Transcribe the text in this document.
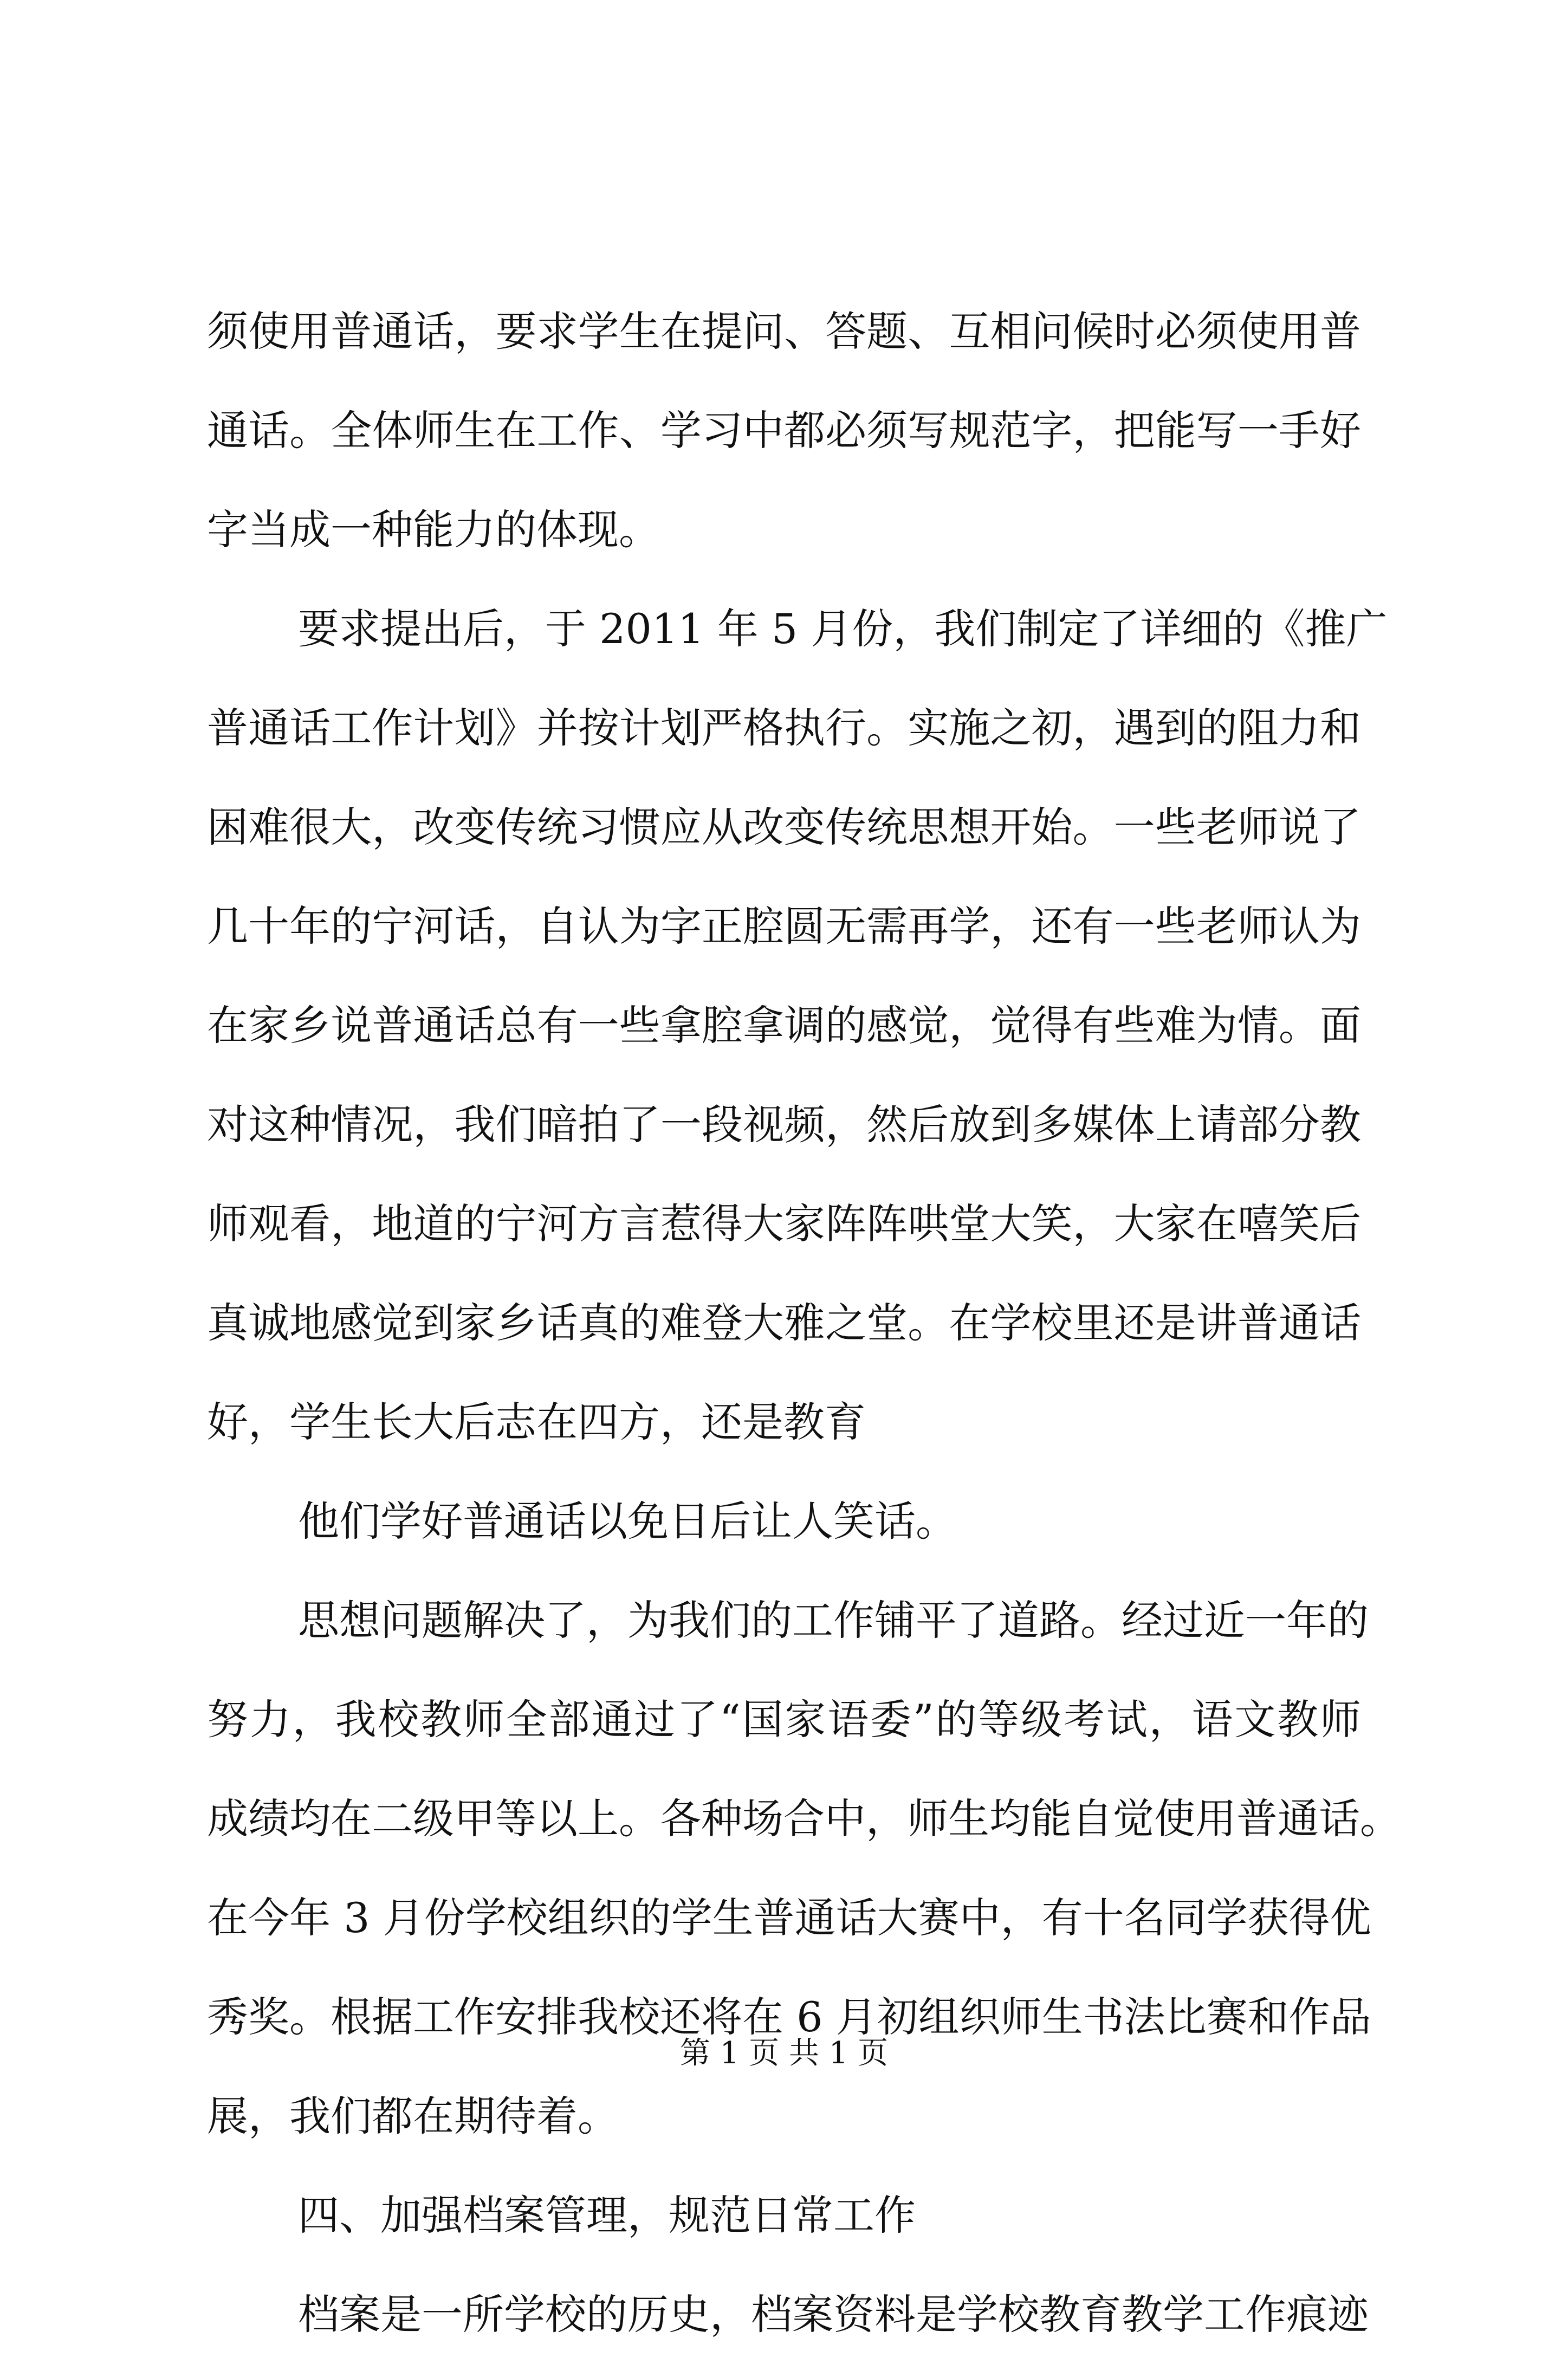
须使用普通话，要求学生在提问、答题、互相问候时必须使用普
通话。全体师生在工作、学习中都必须写规范字，把能写一手好
字当成一种能力的体现。
要求提出后，于 2011 年 5 月份，我们制定了详细的《推广
普通话工作计划》并按计划严格执行。实施之初，遇到的阻力和
困难很大，改变传统习惯应从改变传统思想开始。一些老师说了
几十年的宁河话，自认为字正腔圆无需再学，还有一些老师认为
在家乡说普通话总有一些拿腔拿调的感觉，觉得有些难为情。面
对这种情况，我们暗拍了一段视频，然后放到多媒体上请部分教
师观看，地道的宁河方言惹得大家阵阵哄堂大笑，大家在嘻笑后
真诚地感觉到家乡话真的难登大雅之堂。在学校里还是讲普通话
好，学生长大后志在四方，还是教育
他们学好普通话以免日后让人笑话。
思想问题解决了，为我们的工作铺平了道路。经过近一年的
努力，我校教师全部通过了“国家语委”的等级考试，语文教师
成绩均在二级甲等以上。各种场合中，师生均能自觉使用普通话。
在今年 3 月份学校组织的学生普通话大赛中，有十名同学获得优
秀奖。根据工作安排我校还将在 6 月初组织师生书法比赛和作品
展，我们都在期待着。
四、加强档案管理，规范日常工作
档案是一所学校的历史，档案资料是学校教育教学工作痕迹
第 1 页 共 1 页
